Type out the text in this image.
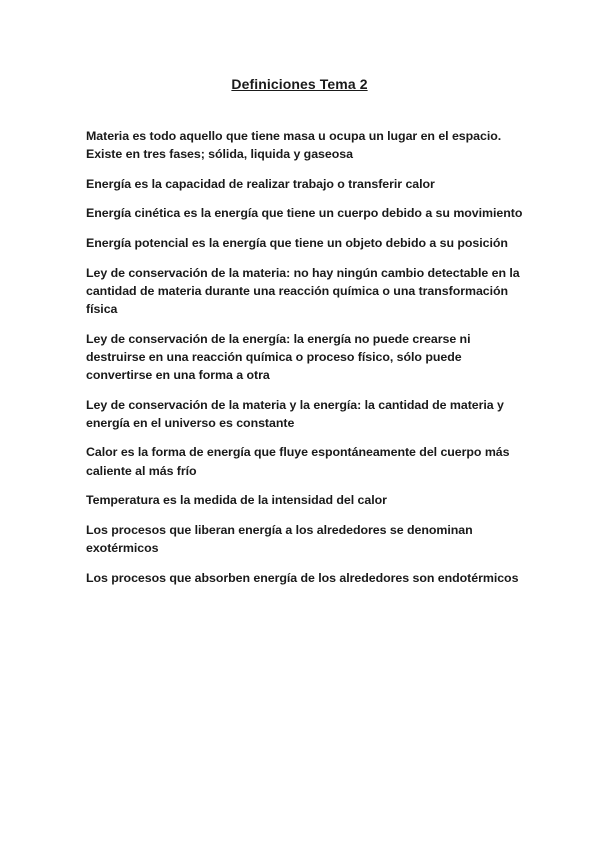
Definiciones Tema 2

Materia es todo aquello que tiene masa u ocupa un lugar en el espacio. Existe en tres fases; sólida, liquida y gaseosa

Energía es la capacidad de realizar trabajo o transferir calor

Energía cinética es la energía que tiene un cuerpo debido a su movimiento

Energía potencial es la energía que tiene un objeto debido a su posición

Ley de conservación de la materia: no hay ningún cambio detectable en la cantidad de materia durante una reacción química o una transformación física

Ley de conservación de la energía: la energía no puede crearse ni destruirse en una reacción química o proceso físico, sólo puede convertirse en una forma a otra

Ley de conservación de la materia y la energía: la cantidad de materia y energía en el universo es constante

Calor es la forma de energía que fluye espontáneamente del cuerpo más caliente al más frío

Temperatura es la medida de la intensidad del calor

Los procesos que liberan energía a los alrededores se denominan exotérmicos

Los procesos que absorben energía de los alrededores son endotérmicos
